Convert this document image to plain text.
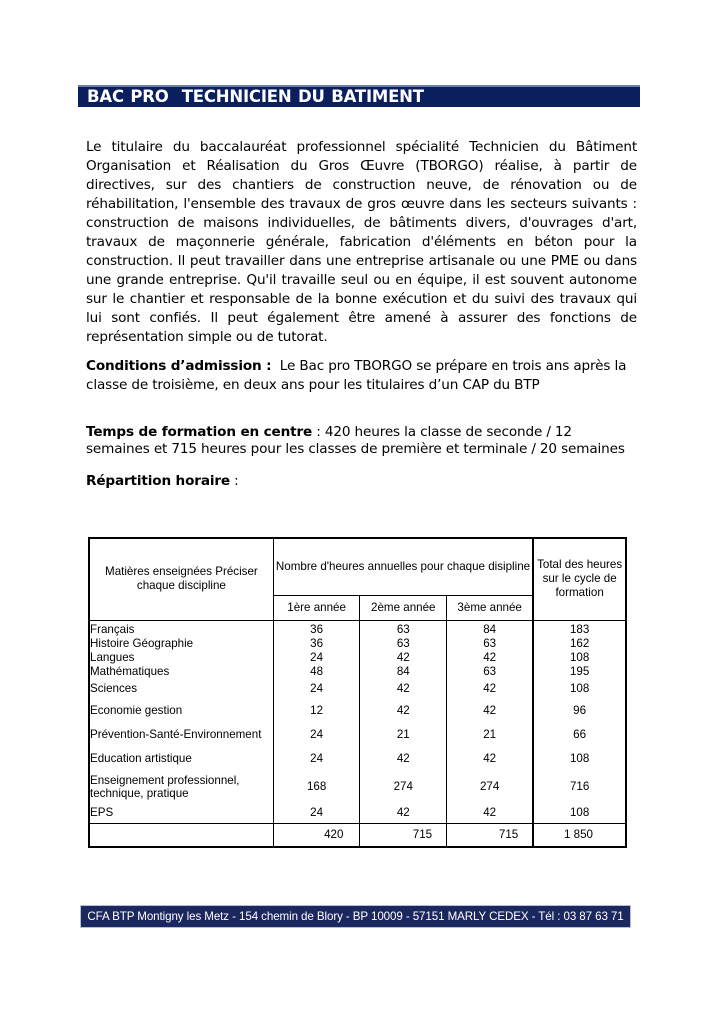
BAC PRO  TECHNICIEN DU BATIMENT
Le titulaire du baccalauréat professionnel spécialité Technicien du Bâtiment Organisation et Réalisation du Gros Œuvre (TBORGO) réalise, à partir de directives, sur des chantiers de construction neuve, de rénovation ou de réhabilitation, l'ensemble des travaux de gros œuvre dans les secteurs suivants : construction de maisons individuelles, de bâtiments divers, d'ouvrages d'art, travaux de maçonnerie générale, fabrication d'éléments en béton pour la construction. Il peut travailler dans une entreprise artisanale ou une PME ou dans une grande entreprise. Qu'il travaille seul ou en équipe, il est souvent autonome sur le chantier et responsable de la bonne exécution et du suivi des travaux qui lui sont confiés. Il peut également être amené à assurer des fonctions de représentation simple ou de tutorat.
Conditions d’admission :  Le Bac pro TBORGO se prépare en trois ans après la
classe de troisième, en deux ans pour les titulaires d’un CAP du BTP
Temps de formation en centre : 420 heures la classe de seconde / 12
semaines et 715 heures pour les classes de première et terminale / 20 semaines
Répartition horaire :
Matières enseignées Préciser chaque discipline	Nombre d'heures annuelles pour chaque disipline			Total des heures sur le cycle de formation
	1ère année	2ème année	3ème année	
Français	36	63	84	183
Histoire Géographie	36	63	63	162
Langues	24	42	42	108
Mathématiques	48	84	63	195
Sciences	24	42	42	108
Economie gestion	12	42	42	96
Prévention-Santé-Environnement	24	21	21	66
Education artistique	24	42	42	108
Enseignement professionnel,
technique, pratique	168	274	274	716
EPS	24	42	42	108
	420	715	715	1 850
CFA BTP Montigny les Metz - 154 chemin de Blory - BP 10009 - 57151 MARLY CEDEX - Tél : 03 87 63 71 08
